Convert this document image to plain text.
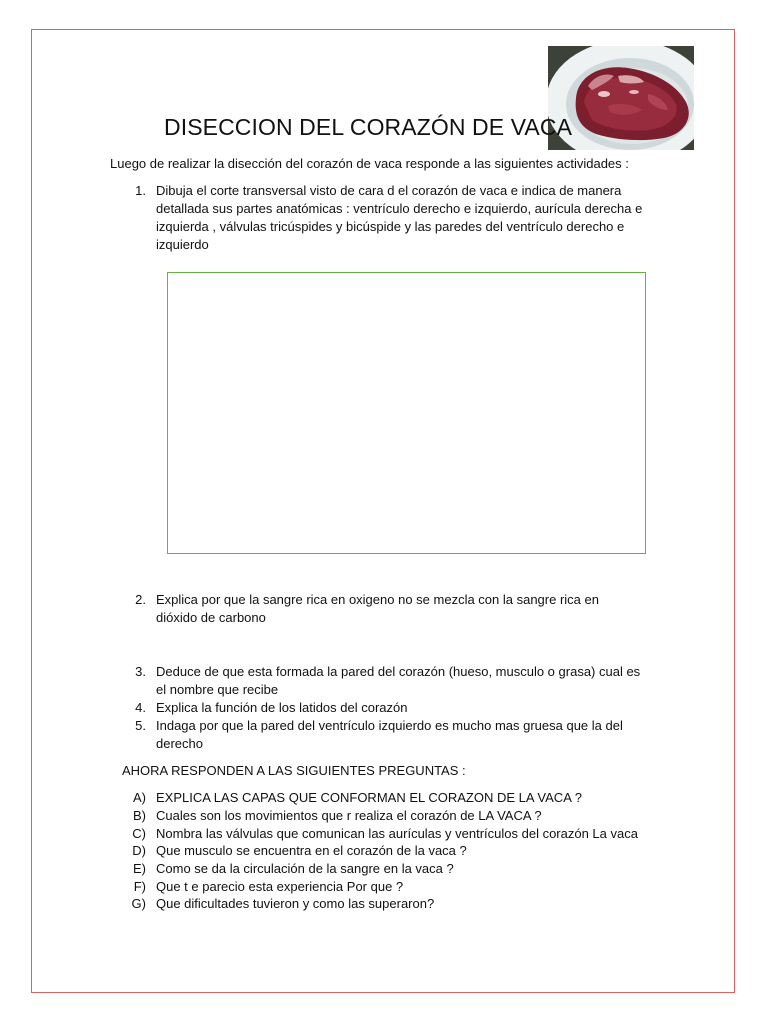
DISECCION DEL CORAZÓN DE VACA
Luego de realizar la disección del corazón de vaca responde a las siguientes actividades :
1. Dibuja el corte transversal visto de cara d el corazón de vaca e indica de manera
detallada sus partes anatómicas : ventrículo derecho e izquierdo, aurícula derecha e
izquierda , válvulas tricúspides y bicúspide y las paredes del ventrículo derecho e
izquierdo
2. Explica por que la sangre rica en oxigeno no se mezcla con la sangre rica en
dióxido de carbono
3. Deduce de que esta formada la pared del corazón (hueso, musculo o grasa) cual es
el nombre que recibe
4. Explica la función de los latidos del corazón
5. Indaga por que la pared del ventrículo izquierdo es mucho mas gruesa que la del
derecho
AHORA RESPONDEN A LAS SIGUIENTES PREGUNTAS :
A) EXPLICA LAS CAPAS QUE CONFORMAN EL CORAZON DE LA VACA ?
B) Cuales son los movimientos que r realiza el corazón de LA VACA ?
C) Nombra las válvulas que comunican las aurículas y ventrículos del corazón La vaca
D) Que musculo se encuentra en el corazón de la vaca ?
E) Como se da la circulación de la sangre en la vaca ?
F) Que t e parecio esta experiencia Por que ?
G) Que dificultades tuvieron y como las superaron?
